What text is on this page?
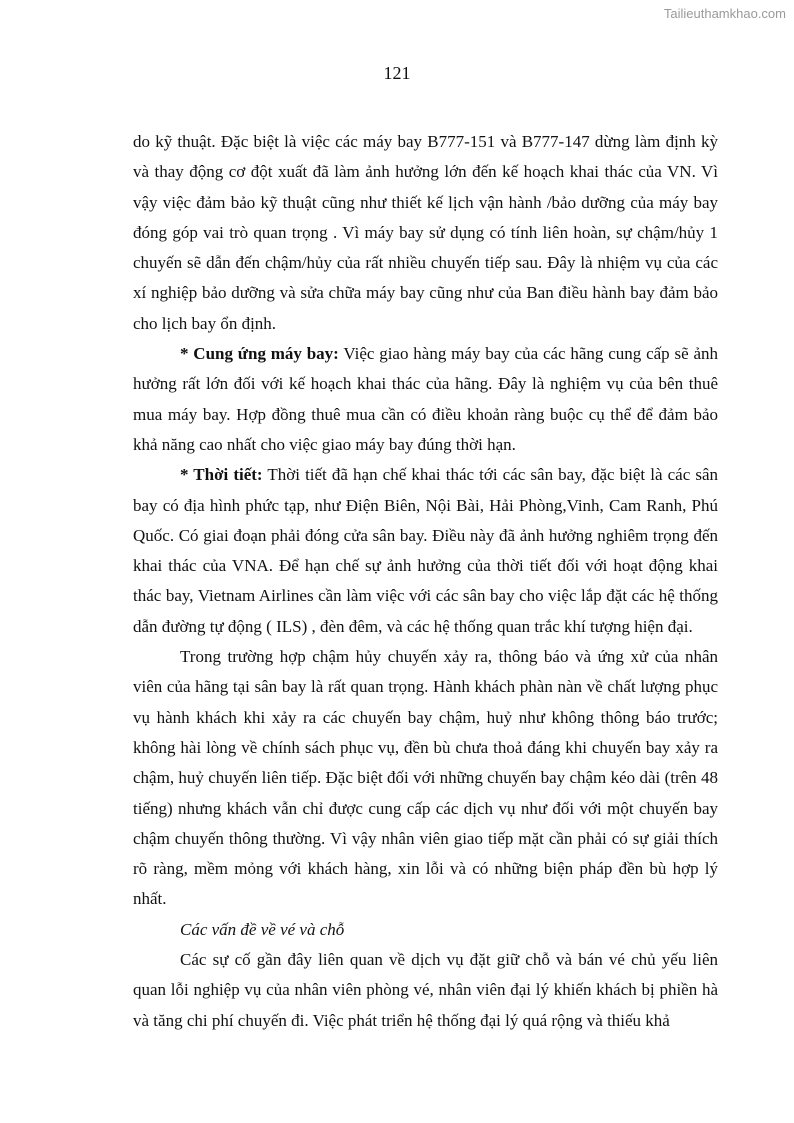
Tailieuthamkhao.com
121

do kỹ thuật. Đặc biệt là việc các máy bay B777-151 và B777-147 dừng làm định kỳ và thay động cơ đột xuất đã làm ảnh hưởng lớn đến kế hoạch khai thác của VN. Vì vậy việc đảm bảo kỹ thuật cũng như thiết kế lịch vận hành /bảo dưỡng của máy bay đóng góp vai trò quan trọng . Vì máy bay sử dụng có tính liên hoàn, sự chậm/hủy 1 chuyến sẽ dẫn đến chậm/hủy của rất nhiều chuyến tiếp sau. Đây là nhiệm vụ của các xí nghiệp bảo dưỡng và sửa chữa máy bay cũng như của Ban điều hành bay đảm bảo cho lịch bay ổn định.

* Cung ứng máy bay: Việc giao hàng máy bay của các hãng cung cấp sẽ ảnh hưởng rất lớn đối với kế hoạch khai thác của hãng. Đây là nghiệm vụ của bên thuê mua máy bay. Hợp đồng thuê mua cần có điều khoản ràng buộc cụ thể để đảm bảo khả năng cao nhất cho việc giao máy bay đúng thời hạn.

* Thời tiết: Thời tiết đã hạn chế khai thác tới các sân bay, đặc biệt là các sân bay có địa hình phức tạp, như Điện Biên, Nội Bài, Hải Phòng,Vinh, Cam Ranh, Phú Quốc. Có giai đoạn phải đóng cửa sân bay. Điều này đã ảnh hưởng nghiêm trọng đến khai thác của VNA. Để hạn chế sự ảnh hưởng của thời tiết đối với hoạt động khai thác bay, Vietnam Airlines cần làm việc với các sân bay cho việc lắp đặt các hệ thống dẫn đường tự động ( ILS) , đèn đêm, và các hệ thống quan trắc khí tượng hiện đại.

Trong trường hợp chậm hủy chuyến xảy ra, thông báo và ứng xử của nhân viên của hãng tại sân bay là rất quan trọng. Hành khách phàn nàn về chất lượng phục vụ hành khách khi xảy ra các chuyến bay chậm, huỷ như không thông báo trước; không hài lòng về chính sách phục vụ, đền bù chưa thoả đáng khi chuyến bay xảy ra chậm, huỷ chuyến liên tiếp. Đặc biệt đối với những chuyến bay chậm kéo dài (trên 48 tiếng) nhưng khách vẫn chỉ được cung cấp các dịch vụ như đối với một chuyến bay chậm chuyến thông thường. Vì vậy nhân viên giao tiếp mặt cần phải có sự giải thích rõ ràng, mềm mỏng với khách hàng, xin lỗi và có những biện pháp đền bù hợp lý nhất.

Các vấn đề về vé và chỗ

Các sự cố gần đây liên quan về dịch vụ đặt giữ chỗ và bán vé chủ yếu liên quan lỗi nghiệp vụ của nhân viên phòng vé, nhân viên đại lý khiến khách bị phiền hà và tăng chi phí chuyến đi. Việc phát triển hệ thống đại lý quá rộng và thiếu khả
